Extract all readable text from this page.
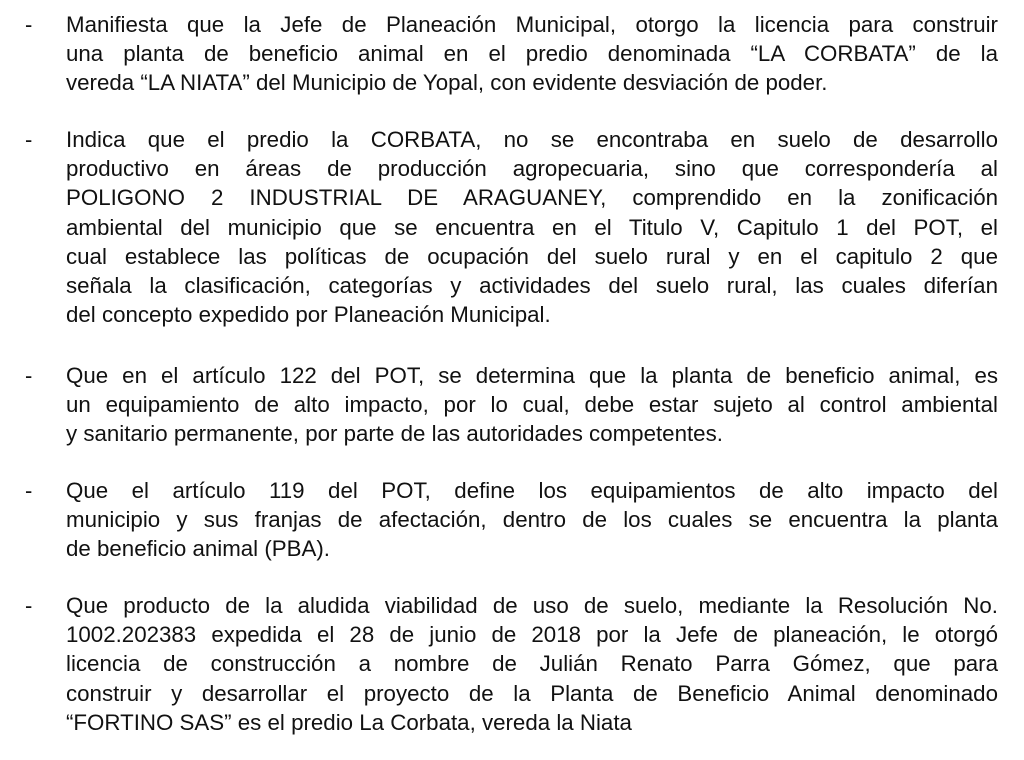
- Manifiesta que la Jefe de Planeación Municipal, otorgo la licencia para construir
una planta de beneficio animal en el predio denominada “LA CORBATA” de la
vereda “LA NIATA” del Municipio de Yopal, con evidente desviación de poder.

- Indica que el predio la CORBATA, no se encontraba en suelo de desarrollo
productivo en áreas de producción agropecuaria, sino que correspondería al
POLIGONO 2 INDUSTRIAL DE ARAGUANEY, comprendido en la zonificación
ambiental del municipio que se encuentra en el Titulo V, Capitulo 1 del POT, el
cual establece las políticas de ocupación del suelo rural y en el capitulo 2 que
señala la clasificación, categorías y actividades del suelo rural, las cuales diferían
del concepto expedido por Planeación Municipal.

- Que en el artículo 122 del POT, se determina que la planta de beneficio animal, es
un equipamiento de alto impacto, por lo cual, debe estar sujeto al control ambiental
y sanitario permanente, por parte de las autoridades competentes.

- Que el artículo 119 del POT, define los equipamientos de alto impacto del
municipio y sus franjas de afectación, dentro de los cuales se encuentra la planta
de beneficio animal (PBA).

- Que producto de la aludida viabilidad de uso de suelo, mediante la Resolución No.
1002.202383 expedida el 28 de junio de 2018 por la Jefe de planeación, le otorgó
licencia de construcción a nombre de Julián Renato Parra Gómez, que para
construir y desarrollar el proyecto de la Planta de Beneficio Animal denominado
“FORTINO SAS” es el predio La Corbata, vereda la Niata
